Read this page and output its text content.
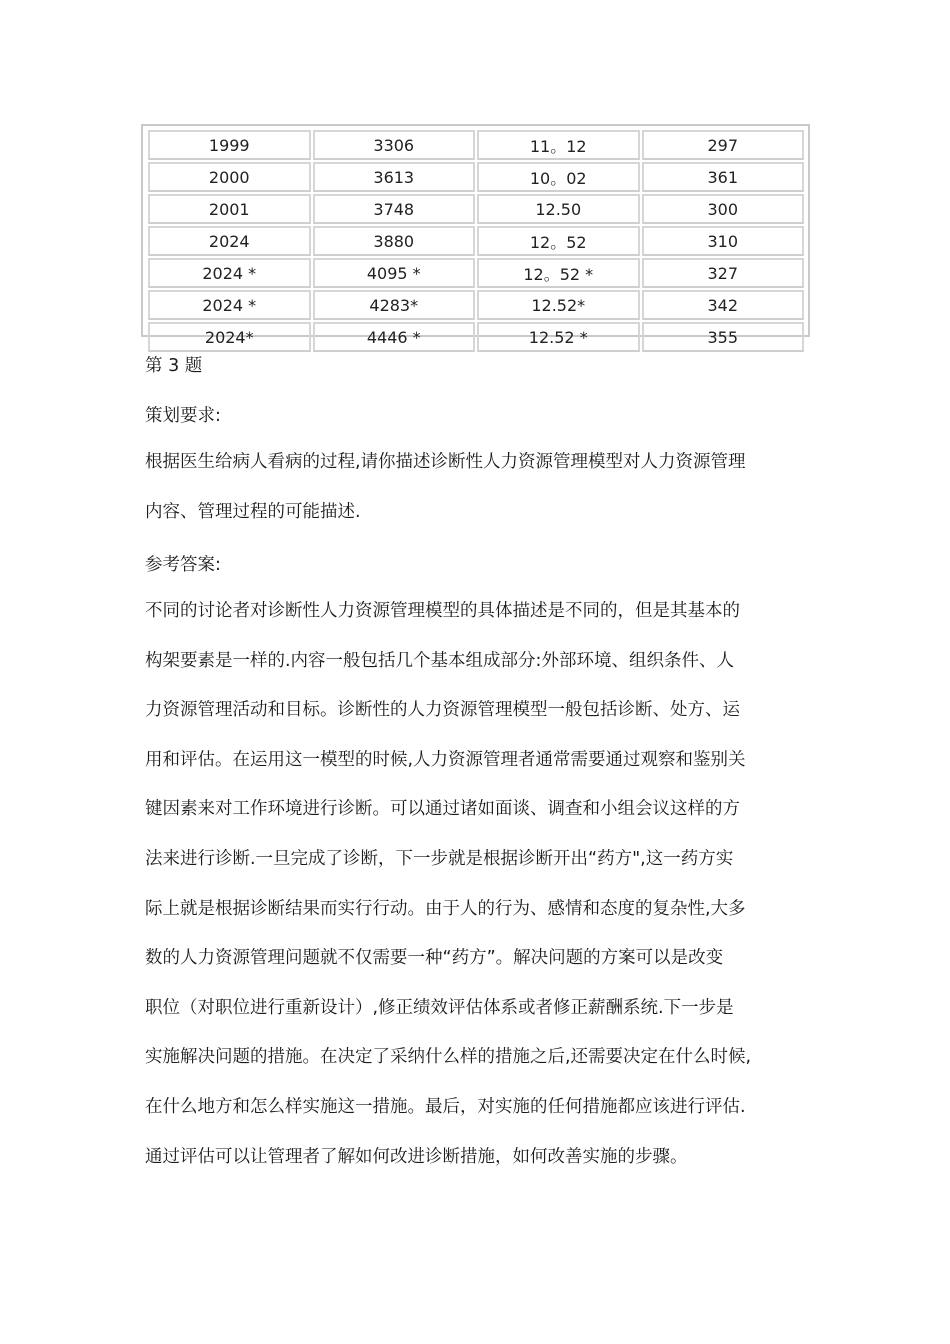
1999	3306	11。12	297
2000	3613	10。02	361
2001	3748	12.50	300
2024	3880	12。52	310
2024 *	4095 *	12。52 *	327
2024 *	4283*	12.52*	342
2024*	4446 *	12.52 *	355

第 3 题

策划要求:

根据医生给病人看病的过程,请你描述诊断性人力资源管理模型对人力资源管理
内容、管理过程的可能描述.

参考答案:

不同的讨论者对诊断性人力资源管理模型的具体描述是不同的，但是其基本的
构架要素是一样的.内容一般包括几个基本组成部分:外部环境、组织条件、人
力资源管理活动和目标。诊断性的人力资源管理模型一般包括诊断、处方、运
用和评估。在运用这一模型的时候,人力资源管理者通常需要通过观察和鉴别关
键因素来对工作环境进行诊断。可以通过诸如面谈、调查和小组会议这样的方
法来进行诊断.一旦完成了诊断，下一步就是根据诊断开出“药方",这一药方实
际上就是根据诊断结果而实行行动。由于人的行为、感情和态度的复杂性,大多
数的人力资源管理问题就不仅需要一种“药方”。解决问题的方案可以是改变
职位（对职位进行重新设计）,修正绩效评估体系或者修正薪酬系统.下一步是
实施解决问题的措施。在决定了采纳什么样的措施之后,还需要决定在什么时候,
在什么地方和怎么样实施这一措施。最后，对实施的任何措施都应该进行评估.
通过评估可以让管理者了解如何改进诊断措施，如何改善实施的步骤。
